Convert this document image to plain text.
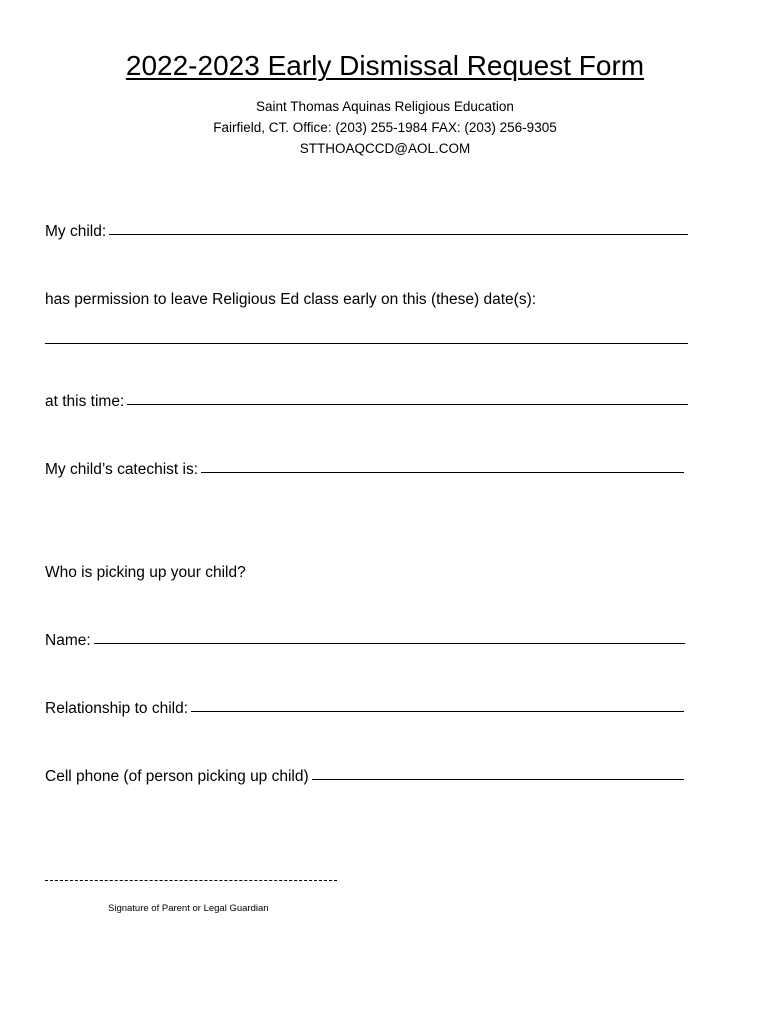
2022-2023 Early Dismissal Request Form
Saint Thomas Aquinas Religious Education
Fairfield, CT. Office: (203) 255-1984 FAX: (203) 256-9305
STTHOAQCCD@AOL.COM
My child:
has permission to leave Religious Ed class early on this (these) date(s):
at this time:
My child’s catechist is:
Who is picking up your child?
Name:
Relationship to child:
Cell phone (of person picking up child)
Signature of Parent or Legal Guardian
